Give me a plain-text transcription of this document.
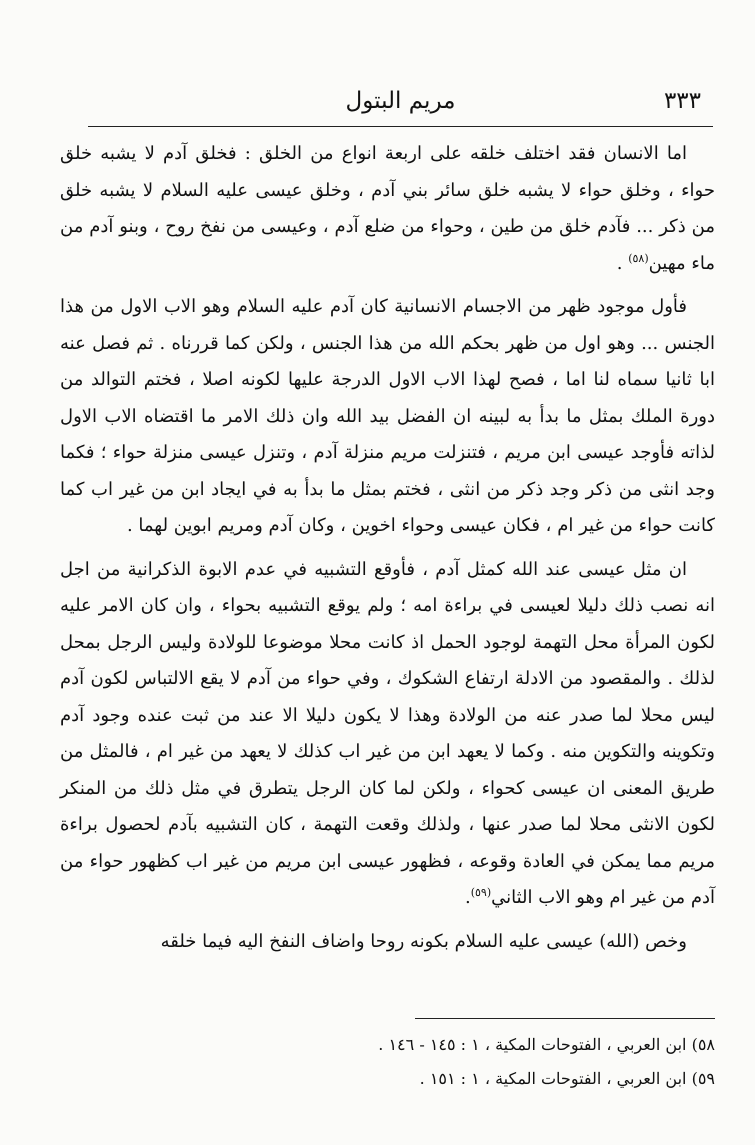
مريم البتول	٣٣٣

اما الانسان فقد اختلف خلقه على اربعة انواع من الخلق : فخلق آدم لا يشبه خلق حواء ، وخلق حواء لا يشبه خلق سائر بني آدم ، وخلق عيسى عليه السلام لا يشبه خلق من ذكر ... فآدم خلق من طين ، وحواء من ضلع آدم ، وعيسى من نفخ روح ، وبنو آدم من ماء مهين$^{(٥٨)}$ .

فأول موجود ظهر من الاجسام الانسانية كان آدم عليه السلام وهو الاب الاول من هذا الجنس ... وهو اول من ظهر بحكم الله من هذا الجنس ، ولكن كما قررناه . ثم فصل عنه ابا ثانيا سماه لنا اما ، فصح لهذا الاب الاول الدرجة عليها لكونه اصلا ، فختم التوالد من دورة الملك بمثل ما بدأ به لبينه ان الفضل بيد الله وان ذلك الامر ما اقتضاه الاب الاول لذاته فأوجد عيسى ابن مريم ، فتنزلت مريم منزلة آدم ، وتنزل عيسى منزلة حواء ؛ فكما وجد انثى من ذكر وجد ذكر من انثى ، فختم بمثل ما بدأ به في ايجاد ابن من غير اب كما كانت حواء من غير ام ، فكان عيسى وحواء اخوين ، وكان آدم ومريم ابوين لهما .

ان مثل عيسى عند الله كمثل آدم ، فأوقع التشبيه في عدم الابوة الذكرانية من اجل انه نصب ذلك دليلا لعيسى في براءة امه ؛ ولم يوقع التشبيه بحواء ، وان كان الامر عليه لكون المرأة محل التهمة لوجود الحمل اذ كانت محلا موضوعا للولادة وليس الرجل بمحل لذلك . والمقصود من الادلة ارتفاع الشكوك ، وفي حواء من آدم لا يقع الالتباس لكون آدم ليس محلا لما صدر عنه من الولادة وهذا لا يكون دليلا الا عند من ثبت عنده وجود آدم وتكوينه والتكوين منه . وكما لا يعهد ابن من غير اب كذلك لا يعهد من غير ام ، فالمثل من طريق المعنى ان عيسى كحواء ، ولكن لما كان الرجل يتطرق في مثل ذلك من المنكر لكون الانثى محلا لما صدر عنها ، ولذلك وقعت التهمة ، كان التشبيه بآدم لحصول براءة مريم مما يمكن في العادة وقوعه ، فظهور عيسى ابن مريم من غير اب كظهور حواء من آدم من غير ام وهو الاب الثاني$^{(٥٩)}$.

وخص (الله) عيسى عليه السلام بكونه روحا واضاف النفخ اليه فيما خلقه

٥٨) ابن العربي ، الفتوحات المكية ، ١ : ١٤٥ - ١٤٦ .

٥٩) ابن العربي ، الفتوحات المكية ، ١ : ١٥١ .
